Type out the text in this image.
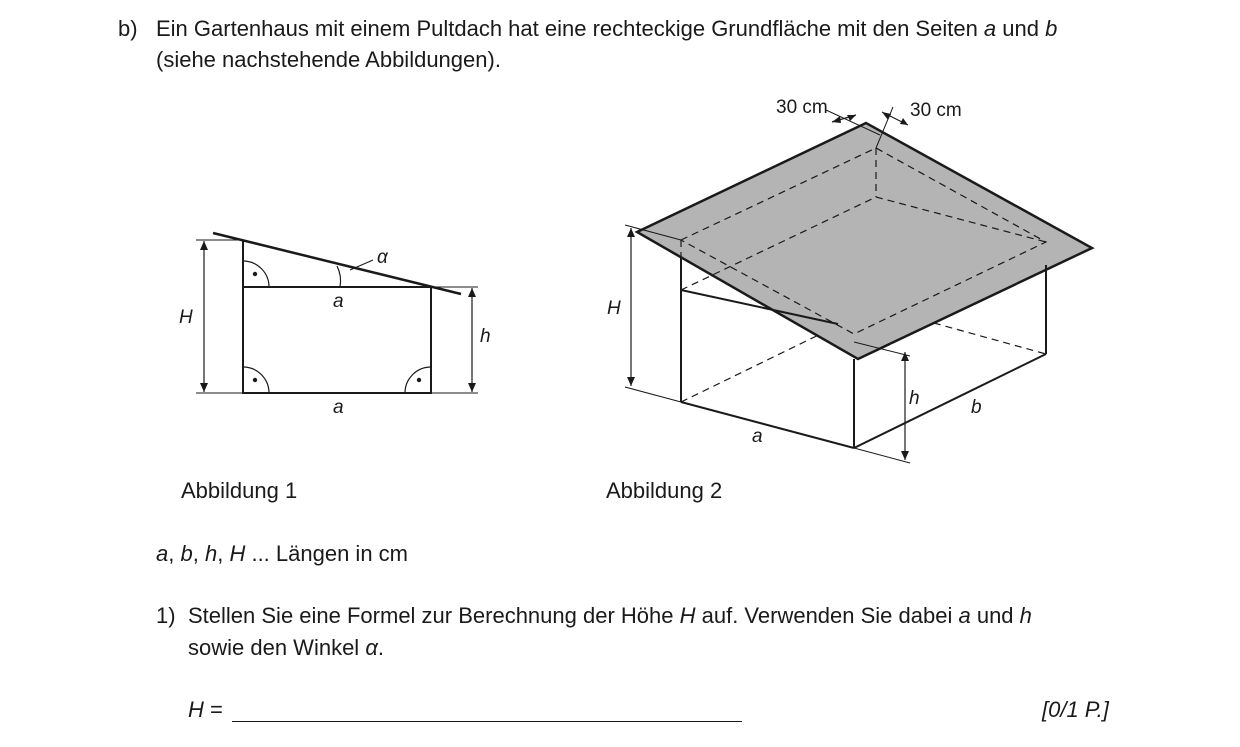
b) Ein Gartenhaus mit einem Pultdach hat eine rechteckige Grundfläche mit den Seiten a und b
(siehe nachstehende Abbildungen).
H
h
a
a
α
30 cm	30 cm
H
h
a
b
Abbildung 1	Abbildung 2
a, b, h, H ... Längen in cm
1) Stellen Sie eine Formel zur Berechnung der Höhe H auf. Verwenden Sie dabei a und h
sowie den Winkel α.
H =	[0/1 P.]
